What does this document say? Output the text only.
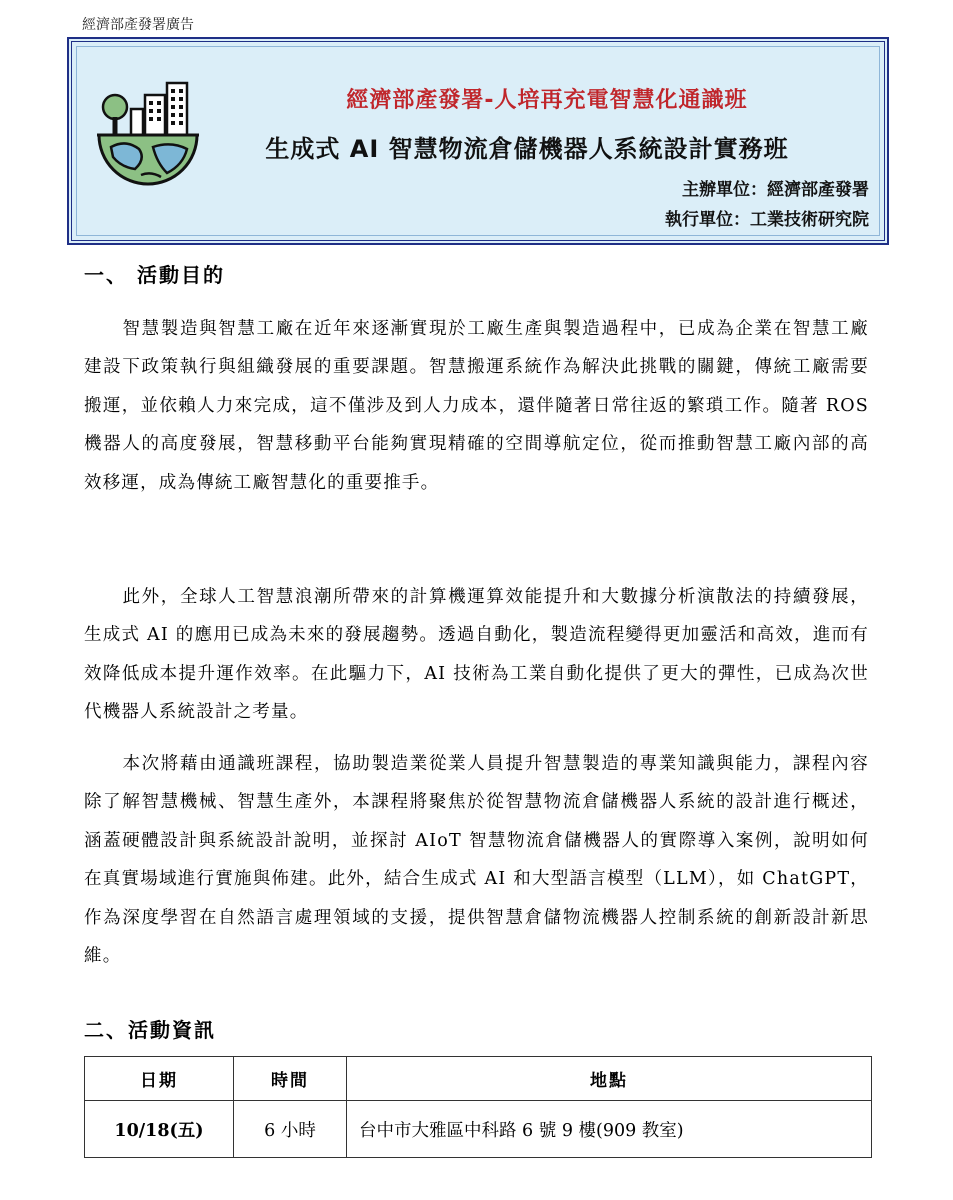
經濟部產發署廣告
經濟部產發署-人培再充電智慧化通識班
生成式 AI 智慧物流倉儲機器人系統設計實務班
主辦單位：經濟部產發署
執行單位：工業技術研究院
一、 活動目的

智慧製造與智慧工廠在近年來逐漸實現於工廠生產與製造過程中，已成為企業在智慧工廠建設下政策執行與組織發展的重要課題。智慧搬運系統作為解決此挑戰的關鍵，傳統工廠需要搬運，並依賴人力來完成，這不僅涉及到人力成本，還伴隨著日常往返的繁瑣工作。隨著 ROS 機器人的高度發展，智慧移動平台能夠實現精確的空間導航定位，從而推動智慧工廠內部的高效移運，成為傳統工廠智慧化的重要推手。

此外，全球人工智慧浪潮所帶來的計算機運算效能提升和大數據分析演散法的持續發展，生成式 AI 的應用已成為未來的發展趨勢。透過自動化，製造流程變得更加靈活和高效，進而有效降低成本提升運作效率。在此驅力下，AI 技術為工業自動化提供了更大的彈性，已成為次世代機器人系統設計之考量。

本次將藉由通識班課程，協助製造業從業人員提升智慧製造的專業知識與能力，課程內容除了解智慧機械、智慧生產外，本課程將聚焦於從智慧物流倉儲機器人系統的設計進行概述，涵蓋硬體設計與系統設計說明，並探討 AIoT 智慧物流倉儲機器人的實際導入案例，說明如何在真實場域進行實施與佈建。此外，結合生成式 AI 和大型語言模型（LLM），如 ChatGPT，作為深度學習在自然語言處理領域的支援，提供智慧倉儲物流機器人控制系統的創新設計新思維。

二、活動資訊
日期	時間	地點
10/18(五)	6 小時	台中市大雅區中科路 6 號 9 樓(909 教室)
